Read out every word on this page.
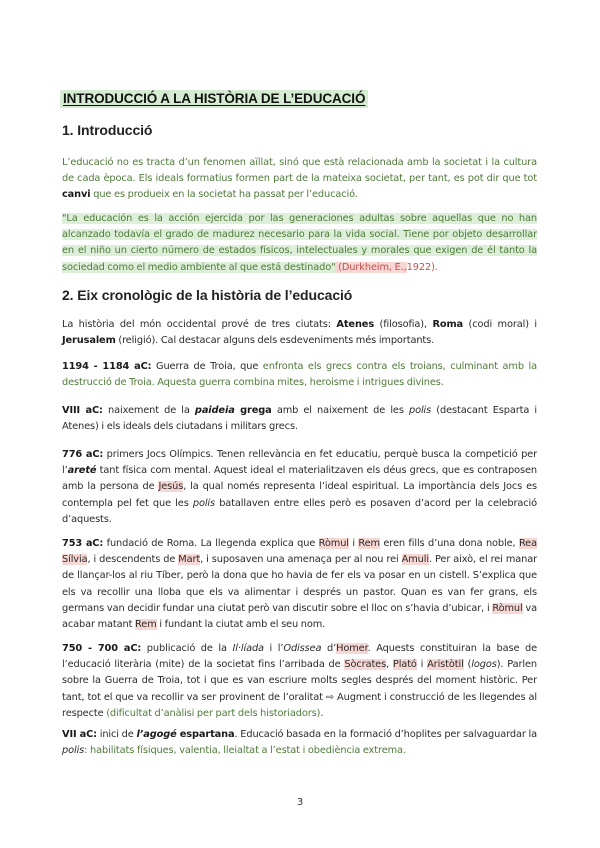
INTRODUCCIÓ A LA HISTÒRIA DE L’EDUCACIÓ
1. Introducció

L’educació no es tracta d’un fenomen aïllat, sinó que està relacionada amb la societat i la cultura de cada època. Els ideals formatius formen part de la mateixa societat, per tant, es pot dir que tot canvi que es produeix en la societat ha passat per l’educació.

"La educación es la acción ejercida por las generaciones adultas sobre aquellas que no han alcanzado todavía el grado de madurez necesario para la vida social. Tiene por objeto desarrollar en el niño un cierto número de estados físicos, intelectuales y morales que exigen de él tanto la sociedad como el medio ambiente al que está destinado" (Durkheim, E.,1922).

2. Eix cronològic de la història de l’educació

La història del món occidental prové de tres ciutats: Atenes (filosofia), Roma (codi moral) i Jerusalem (religió). Cal destacar alguns dels esdeveniments més importants.

1194 - 1184 aC: Guerra de Troia, que enfronta els grecs contra els troians, culminant amb la destrucció de Troia. Aquesta guerra combina mites, heroisme i intrigues divines.

VIII aC: naixement de la paideia grega amb el naixement de les polis (destacant Esparta i Atenes) i els ideals dels ciutadans i militars grecs.

776 aC: primers Jocs Olímpics. Tenen rellevància en fet educatiu, perquè busca la competició per l’areté tant física com mental. Aquest ideal el materialitzaven els déus grecs, que es contraposen amb la persona de Jesús, la qual només representa l’ideal espiritual. La importància dels Jocs es contempla pel fet que les polis batallaven entre elles però es posaven d’acord per la celebració d’aquests.

753 aC: fundació de Roma. La llegenda explica que Ròmul i Rem eren fills d’una dona noble, Rea Sílvia, i descendents de Mart, i suposaven una amenaça per al nou rei Amuli. Per això, el rei manar de llançar-los al riu Tíber, però la dona que ho havia de fer els va posar en un cistell. S’explica que els va recollir una lloba que els va alimentar i després un pastor. Quan es van fer grans, els germans van decidir fundar una ciutat però van discutir sobre el lloc on s’havia d’ubicar, i Ròmul va acabar matant Rem i fundant la ciutat amb el seu nom.

750 - 700 aC: publicació de la Il·líada i l’Odissea d’Homer. Aquests constituiran la base de l’educació literària (mite) de la societat fins l’arribada de Sòcrates, Plató i Aristòtil (logos). Parlen sobre la Guerra de Troia, tot i que es van escriure molts segles després del moment històric. Per tant, tot el que va recollir va ser provinent de l’oralitat ⇨ Augment i construcció de les llegendes al respecte (dificultat d’anàlisi per part dels historiadors).

VII aC: inici de l’agogé espartana. Educació basada en la formació d’hoplites per salvaguardar la polis: habilitats físiques, valentia, lleialtat a l’estat i obediència extrema.

3
